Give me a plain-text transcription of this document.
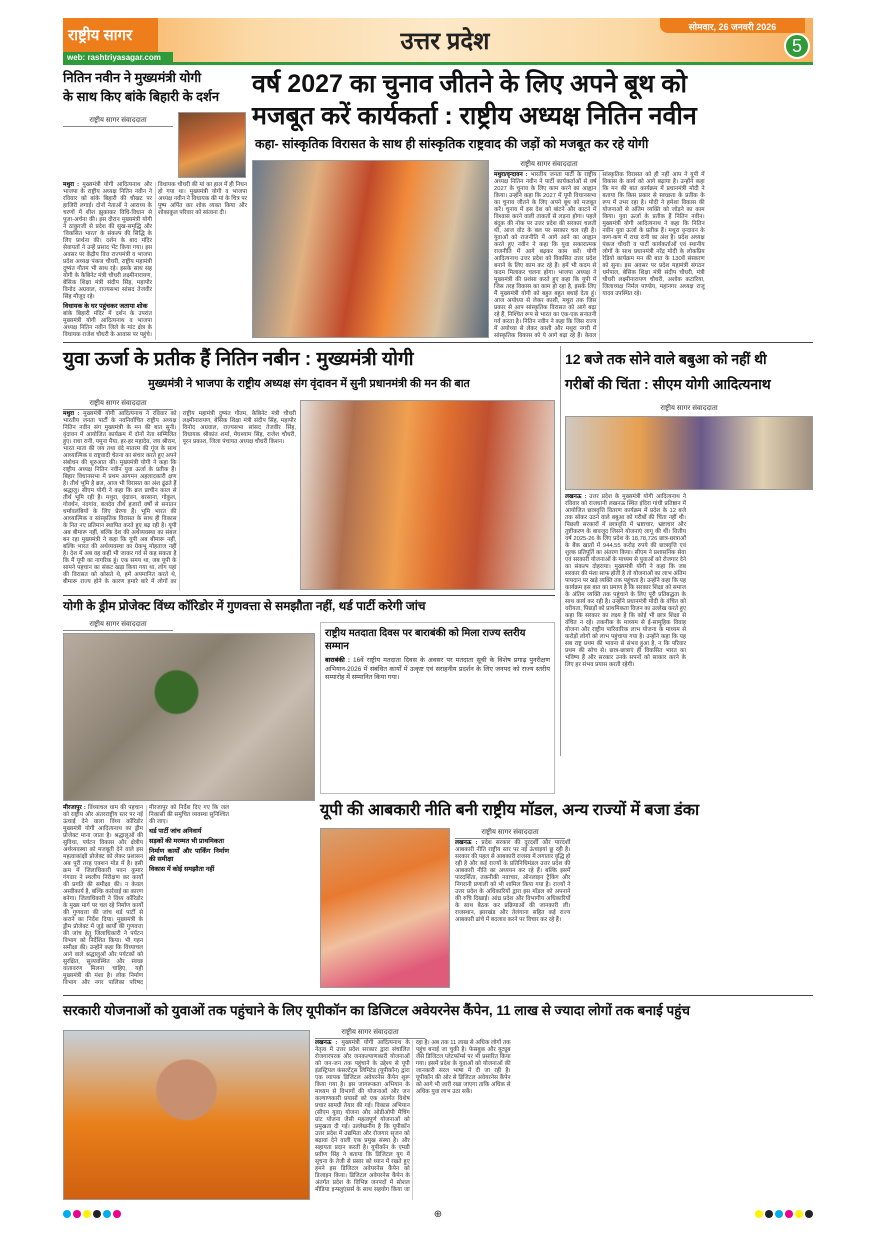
राष्ट्रीय सागर
web: rashtriyasagar.com
उत्तर प्रदेश
सोमवार, 26 जनवरी 2026
5
नितिन नवीन ने मुख्यमंत्री योगी
के साथ किए बांके बिहारी के दर्शन
राष्ट्रीय सागर संवाददाता
मथुरा : मुख्यमंत्री योगी आदित्यनाथ और भाजपा के राष्ट्रीय अध्यक्ष नितिन नवीन ने रविवार को बांके बिहारी की चौखट पर हाजिरी लगाई। दोनों नेताओं ने आराध्य के चरणों में शीश झुकाकर विधि-विधान से पूजा-अर्चना की। इस दौरान मुख्यमंत्री योगी ने ठाकुरजी से प्रदेश की सुख-समृद्धि और 'विकसित भारत' के संकल्प की सिद्धि के लिए प्रार्थना की। दर्शन के बाद मंदिर सेवायतों ने उन्हें प्रसाद भेंट किया गया। इस अवसर पर केंद्रीय वित्त राज्यमंत्री व भाजपा प्रदेश अध्यक्ष पंकज चौधरी, राष्ट्रीय महामंत्री दुष्यंत गौतम भी साथ रहे। इसके साथ सह योगी के कैबिनेट मंत्री चौधरी लक्ष्मीनारायण, बेसिक शिक्षा मंत्री संदीप सिंह, महापौर विनोद अग्रवाल, राज्यसभा सांसद तेजवीर सिंह मौजूद रहे।
विधायक के घर पहुंचकर जताया शोक
बांके बिहारी मंदिर में दर्शन के उपरांत मुख्यमंत्री योगी आदित्यनाथ व भाजपा अध्यक्ष नितिन नवीन जिले के मांट क्षेत्र के विधायक राजेश चौधरी के आवास पर पहुंचे। विधायक चौधरी की मां का हाल में ही निधन हो गया था। मुख्यमंत्री योगी व भाजपा अध्यक्ष नवीन ने विधायक की मां के चित्र पर पुष्प अर्पित कर शोक व्यक्त किया और शोकाकुल परिवार को सांत्वना दी।
वर्ष 2027 का चुनाव जीतने के लिए अपने बूथ को
मजबूत करें कार्यकर्ता : राष्ट्रीय अध्यक्ष नितिन नवीन
कहा- सांस्कृतिक विरासत के साथ ही सांस्कृतिक राष्ट्रवाद की जड़ों को मजबूत कर रहे योगी
राष्ट्रीय सागर संवाददाता
मथुरा/वृन्दावन : भारतीय जनता पार्टी के राष्ट्रीय अध्यक्ष नितिन नवीन ने पार्टी कार्यकर्ताओं से वर्ष 2027 के चुनाव के लिए काम करने का आह्वान किया। उन्होंने कहा कि 2027 में यूपी विधानसभा का चुनाव जीतने के लिए अपने बूथ को मजबूत करें। चुनाव में इस देश को बांटने और काटने में विश्वास करने वाली ताकतों से लड़ना होगा। पहले बंदूक की नोक पर उत्तर प्रदेश की सरकार चलती थी, आज वोट के बल पर सरकार चल रही है। युवाओं को राजनीति में आगे आने का आह्वान करते हुए नवीन ने कहा कि युवा सकारात्मक राजनीति में आगे बढ़कर काम करें। योगी आदित्यनाथ उत्तर प्रदेश को विकसित उत्तर प्रदेश बनाने के लिए काम कर रहे हैं। हमें भी कदम से कदम मिलाकर चलना होगा। भाजपा अध्यक्ष ने मुख्यमंत्री की प्रशंसा करते हुए कहा कि यूपी में जिस तरह विकास का काम हो रहा है, इसके लिए मैं मुख्यमंत्री योगी को बहुत बहुत बधाई देता हूं। आज अयोध्या से लेकर काशी, मथुरा तक जिस प्रकार से आप सांस्कृतिक विरासत को आगे बढ़ा रहे हैं, निश्चित रूप से भारत का एक-एक सनातनी गर्व करता है। नितिन नवीन ने कहा कि जिस राज्य में अयोध्या से लेकर काशी और मथुरा नगरी में सांस्कृतिक विकास को ये आगे बढ़ा रहे हैं। केवल सांस्कृतिक विरासत को ही नहीं आप ने यूपी में विकास के कार्य को आगे बढ़ाया है। उन्होंने कहा कि मन की बात कार्यक्रम में प्रधानमंत्री मोदी ने बताया कि किस प्रकार से स्वच्छता के प्रतीक के रूप में उभर रहा है। मोदी ने हमेशा विकास की योजनाओं से अंतिम व्यक्ति को जोड़ने का काम किया। युवा ऊर्जा के प्रतीक हैं नितिन नवीन। मुख्यमंत्री योगी आदित्यनाथ ने कहा कि नितिन नवीन युवा ऊर्जा के प्रतीक हैं। मथुरा वृन्दावन के कण-कण में राधा रानी का अंश है। प्रदेश अध्यक्ष पंकज चौधरी व पार्टी कार्यकर्ताओं एवं स्थानीय लोगों के साथ प्रधानमंत्री नरेंद्र मोदी के लोकप्रिय रेडियो कार्यक्रम मन की बात के 130वें संस्करण को सुना। इस अवसर पर प्रदेश महामंत्री संगठन धर्मपाल, बेसिक शिक्षा मंत्री संदीप चौधरी, मंत्री चौधरी लक्ष्मीनारायण चौधरी, अशोक कटारिया, जिलाध्यक्ष निर्मल पाण्डेय, महानगर अध्यक्ष राजू यादव उपस्थित रहे।
युवा ऊर्जा के प्रतीक हैं नितिन नबीन : मुख्यमंत्री योगी
मुख्यमंत्री ने भाजपा के राष्ट्रीय अध्यक्ष संग वृंदावन में सुनी प्रधानमंत्री की मन की बात
राष्ट्रीय सागर संवाददाता
मथुरा : मुख्यमंत्री योगी आदित्यनाथ ने रविवार को भारतीय जनता पार्टी के नवनिर्वाचित राष्ट्रीय अध्यक्ष नितिन नवीन संग मुख्यमंत्री के मन की बात सुनी। वृंदावन में आयोजित कार्यक्रम में दोनों नेता सम्मिलित हुए। राधा रानी, यमुना मैया, हर-हर महादेव, जय श्रीराम, भारत माता की जय तथा वंदे मातरम की गूंज के साथ आध्यात्मिक व राष्ट्रवादी चेतना का संचार करते हुए अपने संबोधन की शुरुआत की। मुख्यमंत्री योगी ने कहा कि राष्ट्रीय अध्यक्ष नितिन नवीन युवा ऊर्जा के प्रतीक हैं। बिहार विधानसभा में प्रथम आगमन अहलादकारी क्षण है। तीर्थ भूमि है ब्रज, आज भी विरासत का अंश ढूंढते हैं श्रद्धालु। सीएम योगी ने कहा कि ब्रज प्राचीन काल से तीर्थ भूमि रही है। मथुरा, वृंदावन, बरसाना, गोकुल, गोवर्धन, नंदगांव, बलदेव तीर्थ हजारों वर्षों से सनातन धर्मावलंबियों के लिए प्रेरणा हैं। भूमि भारत की आध्यात्मिक व सांस्कृतिक विरासत के साथ ही विकास के नित नए प्रतिमान स्थापित करते हुए बढ़ रही है। यूपी अब बीमारू नहीं, बल्कि देश की अर्थव्यवस्था का संबल बन रहा मुख्यमंत्री ने कहा कि यूपी अब बीमारू नहीं, बल्कि भारत की अर्थव्यवस्था का ग्रेकभू मोहताज नहीं है। देश में अब वह कहीं भी जाकर गर्व से कह सकता है कि मैं यूपी का नागरिक हूं। एक समय था, जब यूपी के सामने पहचान का संकट खड़ा किया गया था, लोग यहां की विरासत को कोसते थे, हमें अपमानित करते थे, बीमारू राज्य होने के कारण हमारे बारे में लोगों का राष्ट्रीय महामंत्री दुष्यंत गौतम, कैबिनेट मंत्री चौधरी लक्ष्मीनारायण, बेसिक शिक्षा मंत्री संदीप सिंह, महापौर विनोद अग्रवाल, राज्यसभा सांसद तेजवीर सिंह, विधायक श्रीकांत शर्मा, मेघश्याम सिंह, राजेश चौधरी, पूरन प्रकाश, जिला पंचायत अध्यक्ष चौधरी किशन।
12 बजे तक सोने वाले बबुआ को नहीं थी
गरीबों की चिंता : सीएम योगी आदित्यनाथ
राष्ट्रीय सागर संवाददाता
लखनऊ : उत्तर प्रदेश के मुख्यमंत्री योगी आदित्यनाथ ने रविवार को राजधानी लखनऊ स्थित इंदिरा गांधी प्रतिष्ठान में आयोजित छात्रवृत्ति वितरण कार्यक्रम में प्रदेश के 12 बजे तक सोकर उठने वाले बबुआ को गरीबों की चिंता नहीं थी। पिछली सरकारों में छात्रवृत्ति में भ्रष्टाचार, भ्रष्टाचार और तुष्टीकरण के बावजूद जिसने योजनाएं लागू की थीं। वित्तीय वर्ष 2025-26 के लिए प्रदेश के 18,78,726 छात्र-छात्राओं के बैंक खातों में 944.55 करोड़ रुपये की छात्रवृत्ति एवं शुल्क प्रतिपूर्ति का अंतरण किया। सीएम ने प्रशासनिक सेवा एवं सरकारी योजनाओं के माध्यम से युवाओं को रोजगार देने का संकल्प दोहराया। मुख्यमंत्री योगी ने कहा कि जब सरकार की मंशा साफ होती है तो योजनाओं का लाभ अंतिम पायदान पर खड़े व्यक्ति तक पहुंचता है। उन्होंने कहा कि यह कार्यक्रम इस बात का प्रमाण है कि सरकार शिक्षा को समाज के अंतिम व्यक्ति तक पहुंचाने के लिए पूरी प्रतिबद्धता के साथ कार्य कर रही है। उन्होंने प्रधानमंत्री मोदी के वंचित को वरीयता, पिछड़ों को प्राथमिकता विजन का उल्लेख करते हुए कहा कि सरकार का लक्ष्य है कि कोई भी छात्र शिक्षा से वंचित न रहे। तकनीक के माध्यम से ई-सामूहिक विवाह योजना और राष्ट्रीय पारिवारिक लाभ योजना के माध्यम से करोड़ों लोगों को लाभ पहुंचाया गया है। उन्होंने कहा कि यह सब राष्ट्र प्रथम की भावना से संभव हुआ है, न कि परिवार प्रथम की सोच से। छात्र-छात्राएं ही विकसित भारत का भविष्य हैं और सरकार उनके सपनों को साकार करने के लिए हर संभव प्रयास करती रहेगी।
योगी के ड्रीम प्रोजेक्ट विंध्य कॉरिडोर में गुणवत्ता से समझौता नहीं, थर्ड पार्टी करेगी जांच
राष्ट्रीय सागर संवाददाता
मीरजापुर : विंध्याचल धाम की पहचान को राष्ट्रीय और अंतरराष्ट्रीय स्तर पर नई ऊंचाई देने वाला विंध्य कॉरिडोर मुख्यमंत्री योगी आदित्यनाथ का ड्रीम प्रोजेक्ट माना जाता है। श्रद्धालुओं की सुविधा, पर्यटन विकास और क्षेत्रीय अर्थव्यवस्था को मजबूती देने वाले इस महत्वाकांक्षी प्रोजेक्ट को लेकर प्रशासन अब पूरी तरह एक्शन मोड में है। इसी क्रम में जिलाधिकारी पवन कुमार गंगवार ने स्थलीय निरीक्षण कर कार्यों की प्रगति की समीक्षा की। न केवल अस्वीकार्य है, बल्कि कार्रवाई का कारण बनेगा। जिलाधिकारी ने विंध्य कॉरिडोर के मुख्य मार्ग पर चल रहे निर्माण कार्यों की गुणवत्ता की जांच थर्ड पार्टी से कराने का निर्देश दिया। मुख्यमंत्री के ड्रीम प्रोजेक्ट में जुड़े कार्यों की गुणवत्ता की जांच हेतु जिलाधिकारी ने पर्यटन विभाग को निर्देशित किया। भी गहन समीक्षा की। उन्होंने कहा कि विंध्याचल आने वाले श्रद्धालुओं और पर्यटकों को सुरक्षित, सुव्यवस्थित और स्वच्छ वातावरण मिलना चाहिए, यही मुख्यमंत्री की मंशा है। लोक निर्माण विभाग और नगर पालिका परिषद मीरजापुर को निर्देश दिए गए कि जल निकासी की समुचित व्यवस्था सुनिश्चित की जाए।
थर्ड पार्टी जांच अनिवार्य
सड़कों की मरम्मत भी प्राथमिकता
निर्माण कार्यों और पार्किंग निर्माण की समीक्षा
विकास में कोई समझौता नहीं
राष्ट्रीय मतदाता दिवस पर बाराबंकी को मिला राज्य स्तरीय सम्मान
बाराबंकी : 16वें राष्ट्रीय मतदाता दिवस के अवसर पर मतदाता सूची के विशेष प्रगाढ़ पुनरीक्षण अभियान-2026 में संबंधित कार्यों में उत्कृष्ट एवं सराहनीय प्रदर्शन के लिए जनपद को राज्य स्तरीय सम्मारोह में सम्मानित किया गया।
यूपी की आबकारी नीति बनी राष्ट्रीय मॉडल, अन्य राज्यों में बजा डंका
राष्ट्रीय सागर संवाददाता
लखनऊ : प्रदेश सरकार की दूरदर्शी और पारदर्शी आबकारी नीति राष्ट्रीय स्तर पर नई ऊंचाइयां छू रही है। सरकार की पहल से आबकारी राजस्व में लगातार वृद्धि हो रही है और कई राज्यों के प्रतिनिधिमंडल उत्तर प्रदेश की आबकारी नीति का अध्ययन कर रहे हैं। बल्कि इसमें पारदर्शिता, तकनीकी नवाचार, ऑनलाइन ट्रैकिंग और निगरानी प्रणाली को भी शामिल किया गया है। राज्यों ने उत्तर प्रदेश के अधिकारियों द्वारा इस मॉडल को अपनाने की रुचि दिखाई। आंध्र प्रदेश और विभागीय अधिकारियों के साथ बैठक कर प्रक्रियाओं की जानकारी ली। राजस्थान, झारखंड और तेलंगाना सहित कई राज्य आबकारी ढांचे में बदलाव करने पर विचार कर रहे हैं।
सरकारी योजनाओं को युवाओं तक पहुंचाने के लिए यूपीकॉन का डिजिटल अवेयरनेस कैंपेन, 11 लाख से ज्यादा लोगों तक बनाई पहुंच
राष्ट्रीय सागर संवाददाता
लखनऊ : मुख्यमंत्री योगी आदित्यनाथ के नेतृत्व में उत्तर प्रदेश सरकार द्वारा संचालित रोजगारपरक और जनकल्याणकारी योजनाओं को जन-जन तक पहुंचाने के उद्देश्य से यूपी इंडस्ट्रियल कंसल्टेंट्स लिमिटेड (यूपीकॉन) द्वारा एक व्यापक डिजिटल अवेयरनेस कैंपेन शुरू किया गया है। इस जागरूकता अभियान के माध्यम से विभागों की योजनाओं और जन कल्याणकारी प्रयासों को एक अंतर्गत विशेष प्रचार सामग्री तैयार की गई। विकास अभियान (सीएम युवा) योजना और ओडीओपी मैचिंग ग्रांट योजना जैसी महत्वपूर्ण योजनाओं को प्रमुखता दी गई। उल्लेखनीय है कि यूपीकॉन उत्तर प्रदेश में उद्यमिता और रोजगार सृजन को बढ़ावा देने वाली एक प्रमुख संस्था है। और सहायता प्रदान करती है। यूपीकॉन के एमडी प्रवीण सिंह ने बताया कि डिजिटल युग में सूचना के तेजी से प्रसार को ध्यान में रखते हुए हमने इस डिजिटल अवेयरनेस कैंपेन को डिजाइन किया। डिजिटल अवेयरनेस कैंपेन के अंतर्गत प्रदेश के विभिन्न जनपदों में सोशल मीडिया इन्फ्लुएंसर्स के साथ सहयोग किया जा रहा है। अब तक 11 लाख से अधिक लोगों तक पहुंच बनाई जा चुकी है। फेसबुक और यूट्यूब जैसे डिजिटल प्लेटफॉर्म्स पर भी प्रसारित किया गया। इसमें प्रदेश के युवाओं को योजनाओं की जानकारी सरल भाषा में दी जा रही है। यूपीकॉन की ओर से डिजिटल अवेयरनेस कैंपेन को आगे भी जारी रखा जाएगा ताकि अधिक से अधिक युवा लाभ उठा सकें।
⊕
